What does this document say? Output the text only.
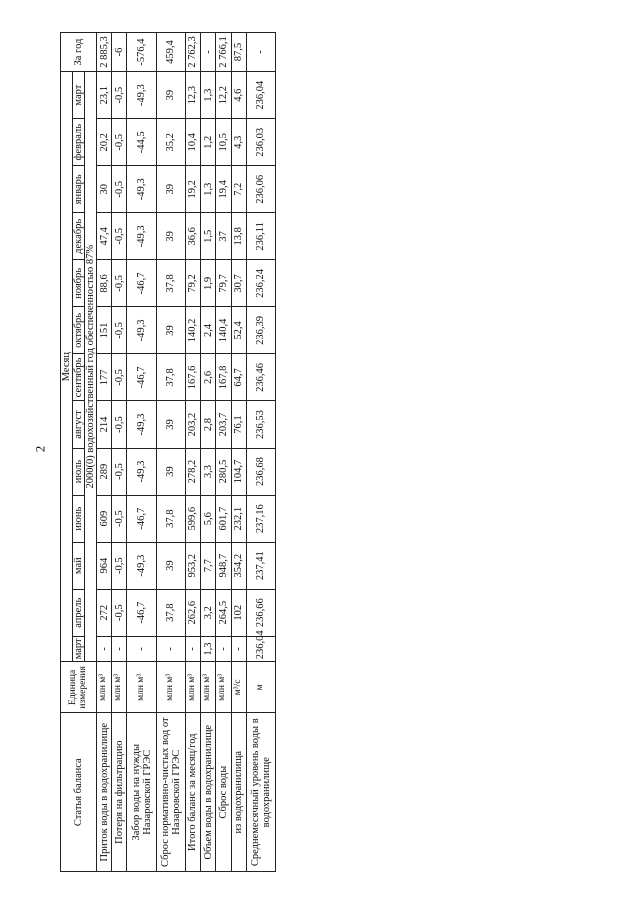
2
Статья баланса	Единица измерения	Месяц													За год
		март	апрель	май	июнь	июль	август	сентябрь	октябрь	ноябрь	декабрь	январь	февраль	март	
		2000(0) водохозяйственный год обеспеченностью 87%													
Приток воды в водохранилище	млн м³	-	272	964	609	289	214	177	151	88,6	47,4	30	20,2	23,1	2 885,3
Потеря на фильтрацию	млн м³	-	-0,5	-0,5	-0,5	-0,5	-0,5	-0,5	-0,5	-0,5	-0,5	-0,5	-0,5	-0,5	-6
Забор воды на нужды Назаровской ГРЭС	млн м³	-	-46,7	-49,3	-46,7	-49,3	-49,3	-46,7	-49,3	-46,7	-49,3	-49,3	-44,5	-49,3	-576,4
Сброс нормативно-чистых вод от Назаровской ГРЭС	млн м³	-	37,8	39	37,8	39	39	37,8	39	37,8	39	39	35,2	39	459,4
Итого баланс за месяц/год	млн м³	-	262,6	953,2	599,6	278,2	203,2	167,6	140,2	79,2	36,6	19,2	10,4	12,3	2 762,3
Объем воды в водохранилище	млн м³	1,3	3,2	7,7	5,6	3,3	2,8	2,6	2,4	1,9	1,5	1,3	1,2	1,3	-
Сброс воды	млн м³	-	264,5	948,7	601,7	280,5	203,7	167,8	140,4	79,7	37	19,4	10,5	12,2	2 766,1
из водохранилища	м³/с	-	102	354,2	232,1	104,7	76,1	64,7	52,4	30,7	13,8	7,2	4,3	4,6	87,5
Среднемесячный уровень воды в водохранилище	м	236,04	236,66	237,41	237,16	236,68	236,53	236,46	236,39	236,24	236,11	236,06	236,03	236,04	-
